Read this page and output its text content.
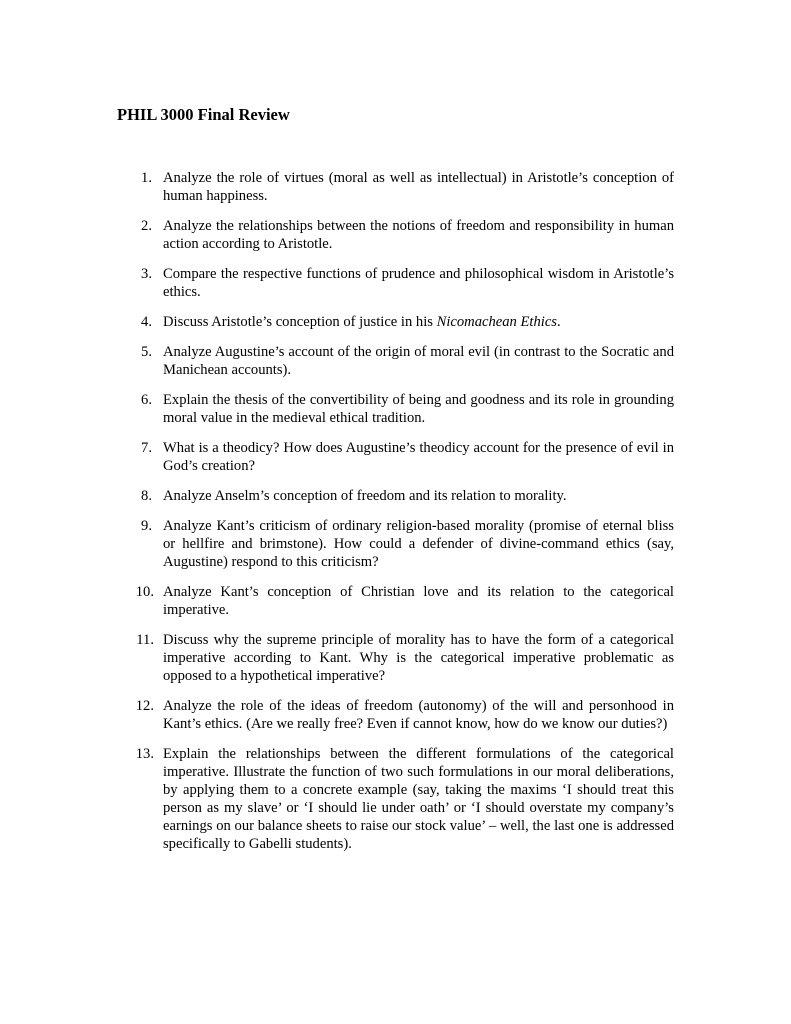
PHIL 3000 Final Review
1. Analyze the role of virtues (moral as well as intellectual) in Aristotle’s conception of human happiness.
2. Analyze the relationships between the notions of freedom and responsibility in human action according to Aristotle.
3. Compare the respective functions of prudence and philosophical wisdom in Aristotle’s ethics.
4. Discuss Aristotle’s conception of justice in his Nicomachean Ethics.
5. Analyze Augustine’s account of the origin of moral evil (in contrast to the Socratic and Manichean accounts).
6. Explain the thesis of the convertibility of being and goodness and its role in grounding moral value in the medieval ethical tradition.
7. What is a theodicy? How does Augustine’s theodicy account for the presence of evil in God’s creation?
8. Analyze Anselm’s conception of freedom and its relation to morality.
9. Analyze Kant’s criticism of ordinary religion-based morality (promise of eternal bliss or hellfire and brimstone). How could a defender of divine-command ethics (say, Augustine) respond to this criticism?
10. Analyze Kant’s conception of Christian love and its relation to the categorical imperative.
11. Discuss why the supreme principle of morality has to have the form of a categorical imperative according to Kant. Why is the categorical imperative problematic as opposed to a hypothetical imperative?
12. Analyze the role of the ideas of freedom (autonomy) of the will and personhood in Kant’s ethics. (Are we really free? Even if cannot know, how do we know our duties?)
13. Explain the relationships between the different formulations of the categorical imperative. Illustrate the function of two such formulations in our moral deliberations, by applying them to a concrete example (say, taking the maxims ‘I should treat this person as my slave’ or ‘I should lie under oath’ or ‘I should overstate my company’s earnings on our balance sheets to raise our stock value’ – well, the last one is addressed specifically to Gabelli students).
